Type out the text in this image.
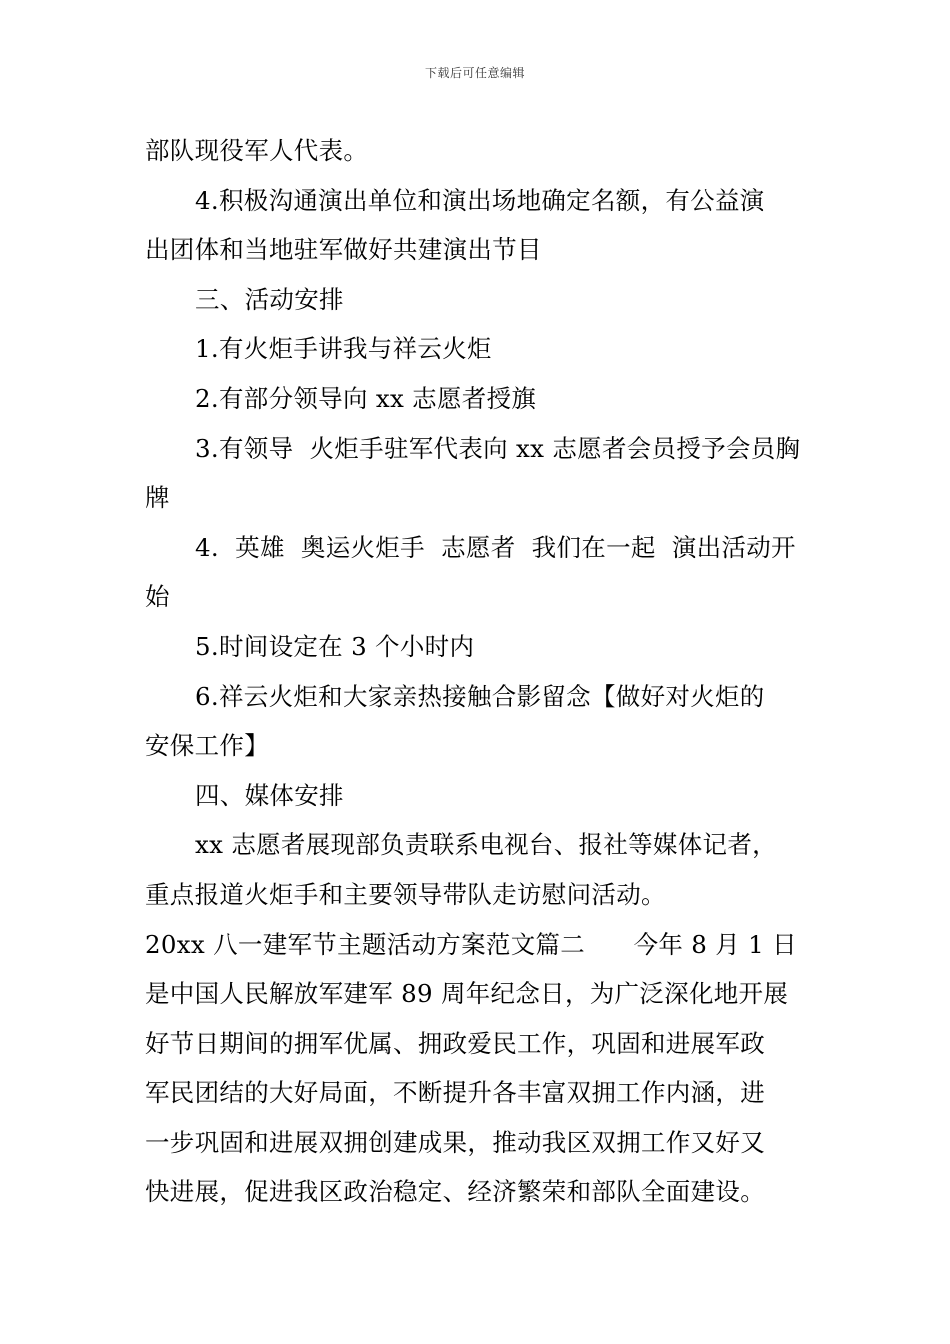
下载后可任意编辑
部队现役军人代表。
4.积极沟通演出单位和演出场地确定名额，有公益演
出团体和当地驻军做好共建演出节目
三、活动安排
1.有火炬手讲我与祥云火炬
2.有部分领导向 xx 志愿者授旗
3.有领导  火炬手驻军代表向 xx 志愿者会员授予会员胸
牌
4.  英雄  奥运火炬手  志愿者  我们在一起  演出活动开
始
5.时间设定在 3 个小时内
6.祥云火炬和大家亲热接触合影留念【做好对火炬的
安保工作】
四、媒体安排
xx 志愿者展现部负责联系电视台、报社等媒体记者，
重点报道火炬手和主要领导带队走访慰问活动。
20xx 八一建军节主题活动方案范文篇二      今年 8 月 1 日
是中国人民解放军建军 89 周年纪念日，为广泛深化地开展
好节日期间的拥军优属、拥政爱民工作，巩固和进展军政
军民团结的大好局面，不断提升各丰富双拥工作内涵，进
一步巩固和进展双拥创建成果，推动我区双拥工作又好又
快进展，促进我区政治稳定、经济繁荣和部队全面建设。
